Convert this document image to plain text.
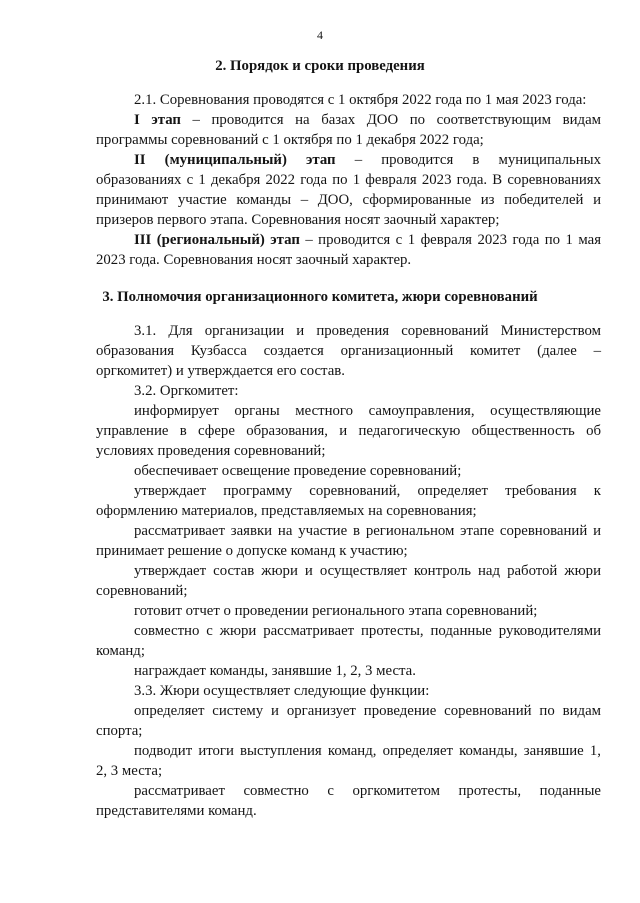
4
2. Порядок и сроки проведения
2.1. Соревнования проводятся с 1 октября 2022 года по 1 мая 2023 года:
I этап – проводится на базах ДОО по соответствующим видам
программы соревнований с 1 октября по 1 декабря 2022 года;
II (муниципальный) этап – проводится в муниципальных
образованиях с 1 декабря 2022 года по 1 февраля 2023 года. В соревнованиях
принимают участие команды – ДОО, сформированные из победителей и
призеров первого этапа. Соревнования носят заочный характер;
III (региональный) этап – проводится с 1 февраля 2023 года по 1 мая
2023 года. Соревнования носят заочный характер.
3. Полномочия организационного комитета, жюри соревнований
3.1. Для организации и проведения соревнований Министерством
образования Кузбасса создается организационный комитет (далее –
оргкомитет) и утверждается его состав.
3.2. Оргкомитет:
информирует органы местного самоуправления, осуществляющие
управление в сфере образования, и педагогическую общественность об
условиях проведения соревнований;
обеспечивает освещение проведение соревнований;
утверждает программу соревнований, определяет требования к
оформлению материалов, представляемых на соревнования;
рассматривает заявки на участие в региональном этапе соревнований и
принимает решение о допуске команд к участию;
утверждает состав жюри и осуществляет контроль над работой жюри
соревнований;
готовит отчет о проведении регионального этапа соревнований;
совместно с жюри рассматривает протесты, поданные руководителями
команд;
награждает команды, занявшие 1, 2, 3 места.
3.3. Жюри осуществляет следующие функции:
определяет систему и организует проведение соревнований по видам
спорта;
подводит итоги выступления команд, определяет команды, занявшие 1,
2, 3 места;
рассматривает совместно с оргкомитетом протесты, поданные
представителями команд.
